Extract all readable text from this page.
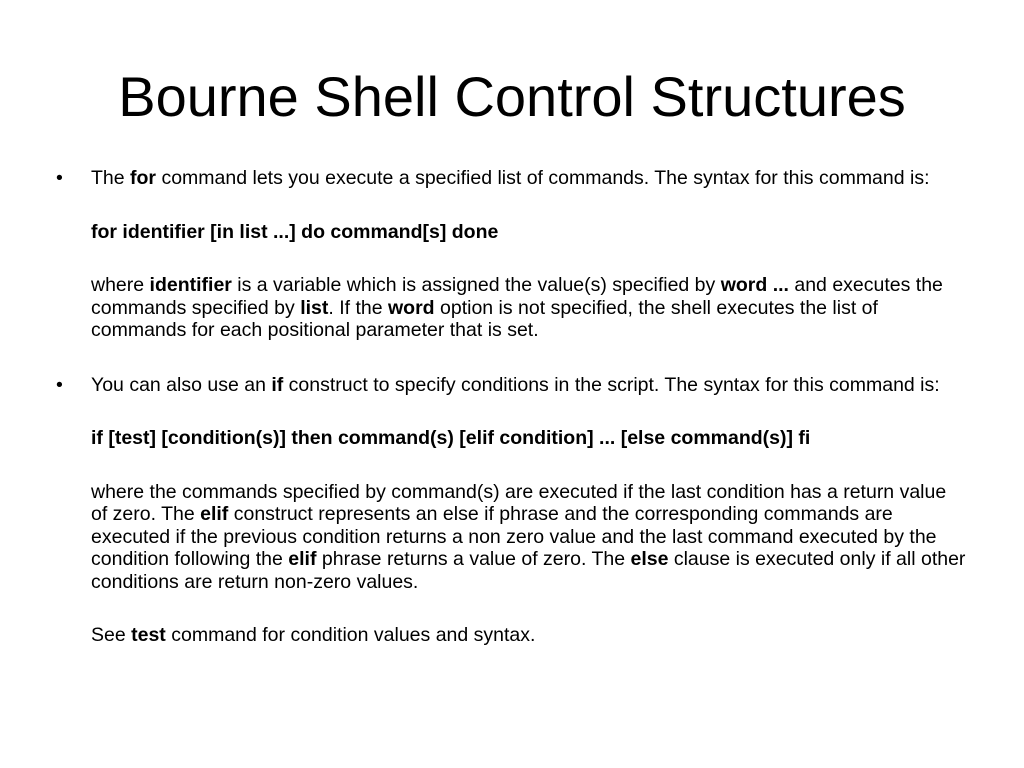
Bourne Shell Control Structures
•	The for command lets you execute a specified list of commands. The syntax for this command is:

for identifier [in list ...] do command[s] done

where identifier is a variable which is assigned the value(s) specified by word ... and executes the commands specified by list. If the word option is not specified, the shell executes the list of commands for each positional parameter that is set.

•	You can also use an if construct to specify conditions in the script. The syntax for this command is:

if [test] [condition(s)] then command(s) [elif condition] ... [else command(s)] fi

where the commands specified by command(s) are executed if the last condition has a return value of zero. The elif construct represents an else if phrase and the corresponding commands are executed if the previous condition returns a non zero value and the last command executed by the condition following the elif phrase returns a value of zero. The else clause is executed only if all other conditions are return non-zero values.

See test command for condition values and syntax.
